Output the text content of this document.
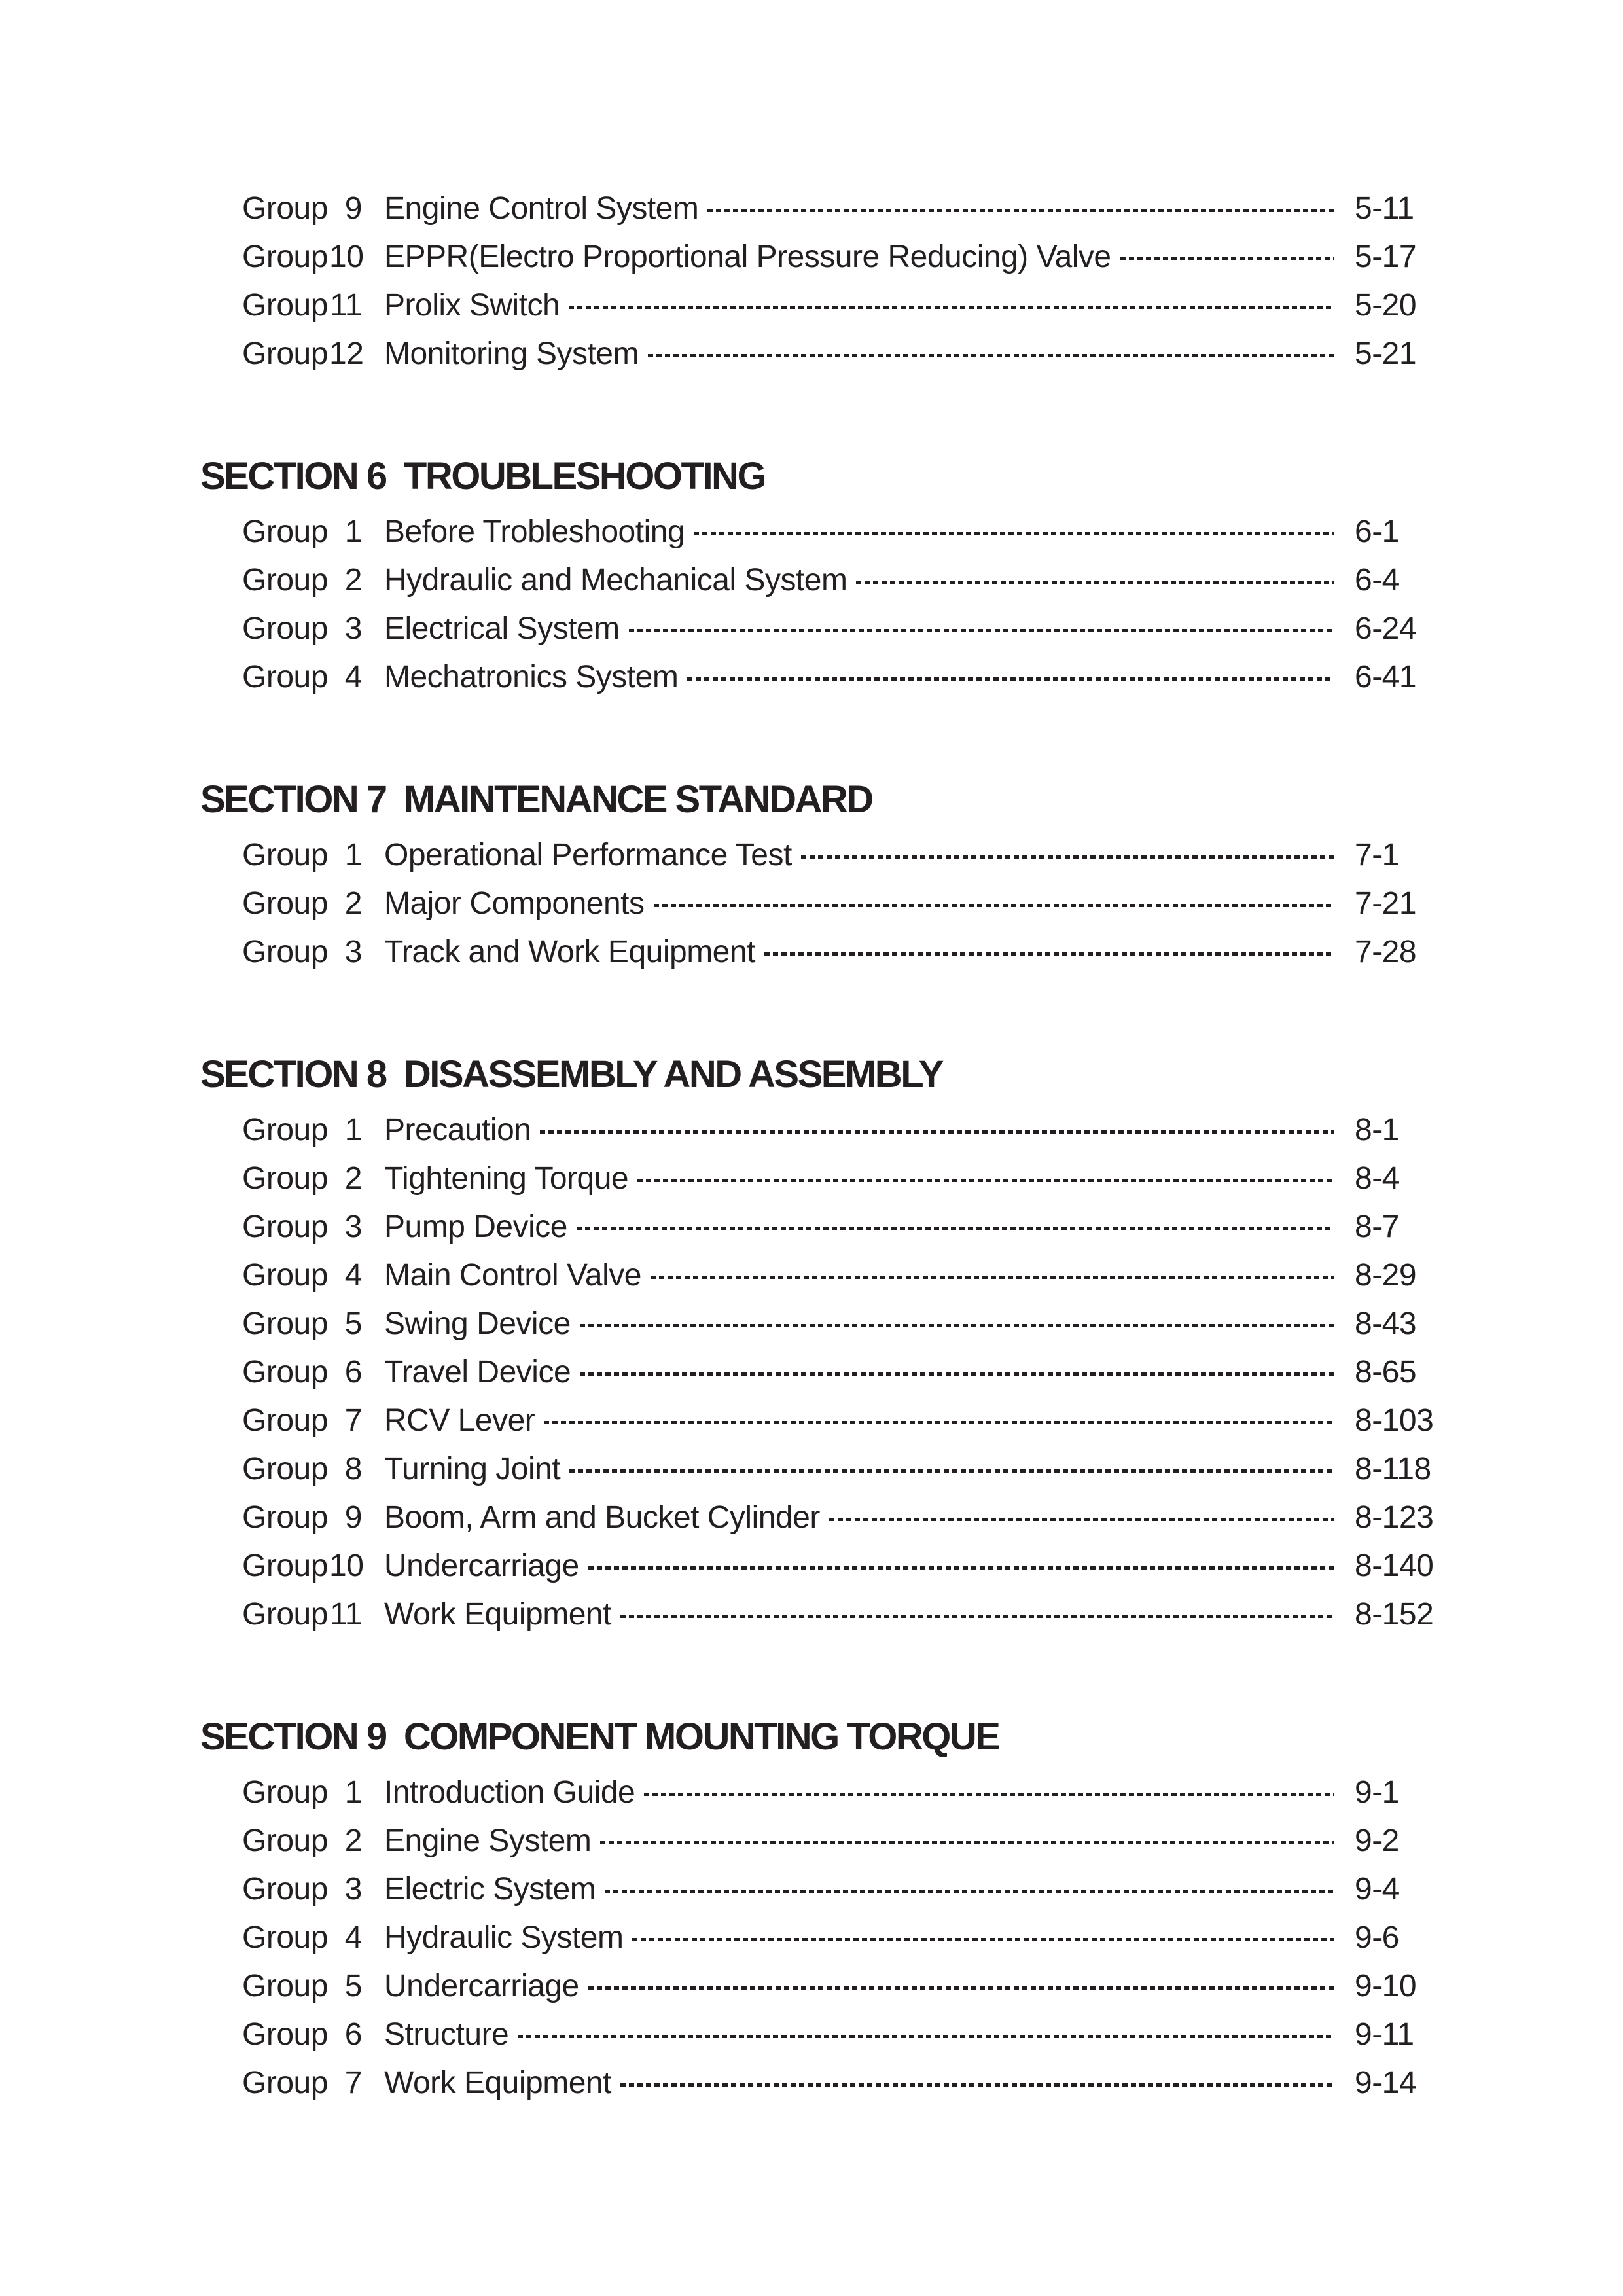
Group 9 Engine Control System	5-11
Group 10 EPPR(Electro Proportional Pressure Reducing) Valve	5-17
Group 11 Prolix Switch	5-20
Group 12 Monitoring System	5-21
SECTION 6  TROUBLESHOOTING
Group 1 Before Trobleshooting	6-1
Group 2 Hydraulic and Mechanical System	6-4
Group 3 Electrical System	6-24
Group 4 Mechatronics System	6-41
SECTION 7  MAINTENANCE STANDARD
Group 1 Operational Performance Test	7-1
Group 2 Major Components	7-21
Group 3 Track and Work Equipment	7-28
SECTION 8  DISASSEMBLY AND ASSEMBLY
Group 1 Precaution	8-1
Group 2 Tightening Torque	8-4
Group 3 Pump Device	8-7
Group 4 Main Control Valve	8-29
Group 5 Swing Device	8-43
Group 6 Travel Device	8-65
Group 7 RCV Lever	8-103
Group 8 Turning Joint	8-118
Group 9 Boom, Arm and Bucket Cylinder	8-123
Group 10 Undercarriage	8-140
Group 11 Work Equipment	8-152
SECTION 9  COMPONENT MOUNTING TORQUE
Group 1 Introduction Guide	9-1
Group 2 Engine System	9-2
Group 3 Electric System	9-4
Group 4 Hydraulic System	9-6
Group 5 Undercarriage	9-10
Group 6 Structure	9-11
Group 7 Work Equipment	9-14
